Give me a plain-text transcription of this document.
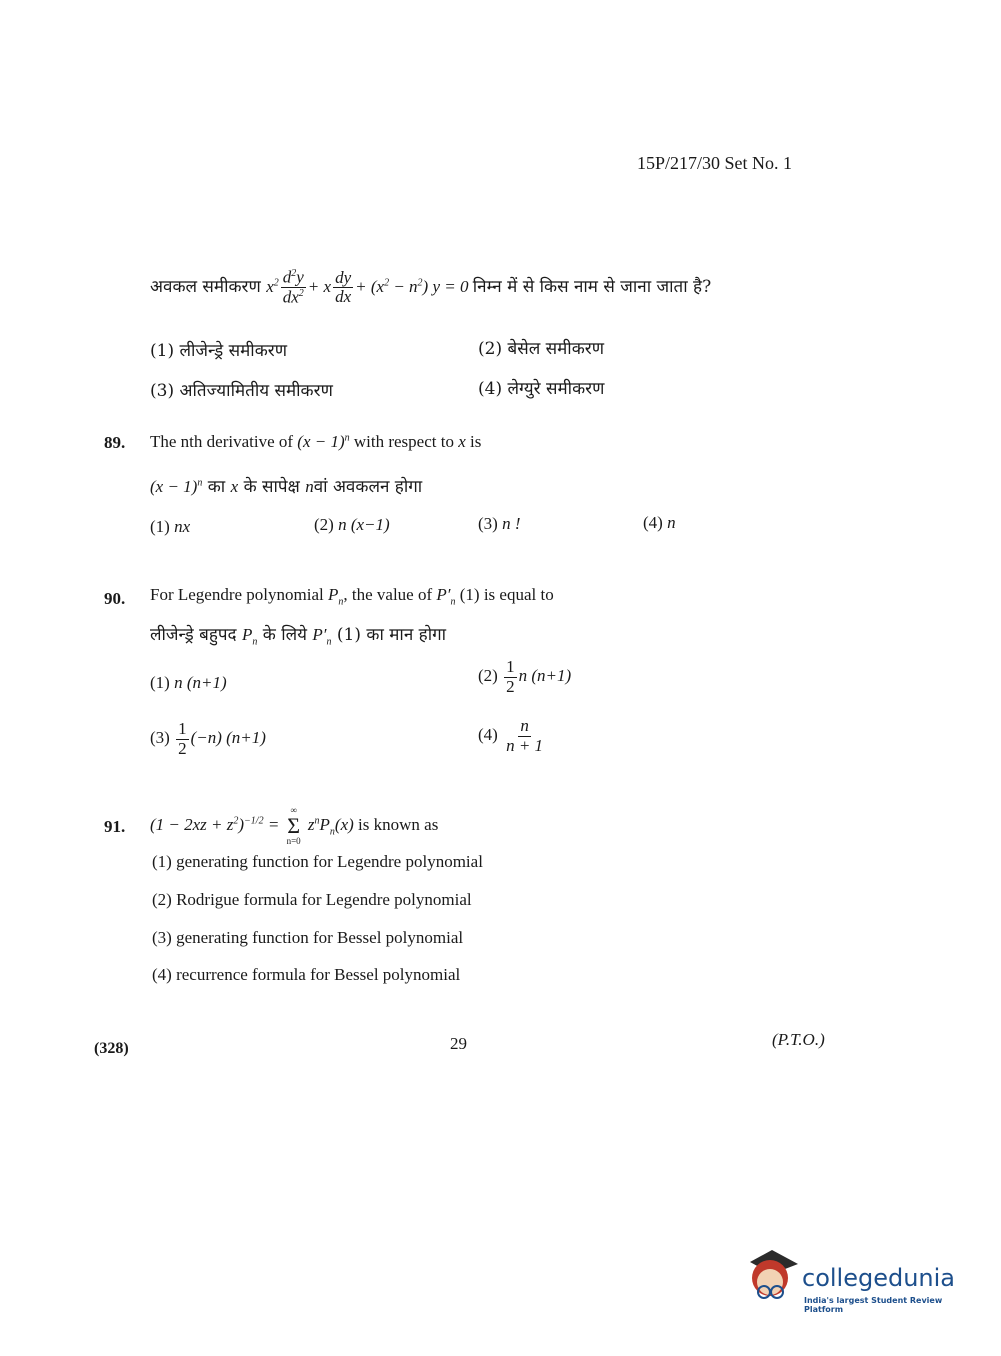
15P/217/30 Set No. 1
अवकल समीकरण $x^2 \frac{d^2y}{dx^2} + x \frac{dy}{dx} + (x^2 - n^2) y = 0$ निम्न में से किस नाम से जाना जाता है?
(1) लीजेन्ड्रे समीकरण	(2) बेसेल समीकरण
(3) अतिज्यामितीय समीकरण	(4) लेग्युरे समीकरण
89. The nth derivative of $(x - 1)^n$ with respect to x is
$(x - 1)^n$ का x के सापेक्ष nवां अवकलन होगा
(1) nx	(2) n (x−1)	(3) n !	(4) n
90. For Legendre polynomial $P_n$, the value of $P'_n$ (1) is equal to
लीजेन्ड्रे बहुपद $P_n$ के लिये $P'_n$ (1) का मान होगा
(1) n (n+1)	$(2) \frac{1}{2}$ n (n+1)
$(3) \frac{1}{2} (-n)$ (n+1)	$(4) \frac{n}{n + 1}$
91. $(1 - 2xz + z^2)^{-1/2}$ =
∞
Σ
n=0
$z^nP_n(x)$ is known as
(1) generating function for Legendre polynomial
(2) Rodrigue formula for Legendre polynomial
(3) generating function for Bessel polynomial
(4) recurrence formula for Bessel polynomial
(328)	29	(P.T.O.)
collegedunia
India's largest Student Review Platform
